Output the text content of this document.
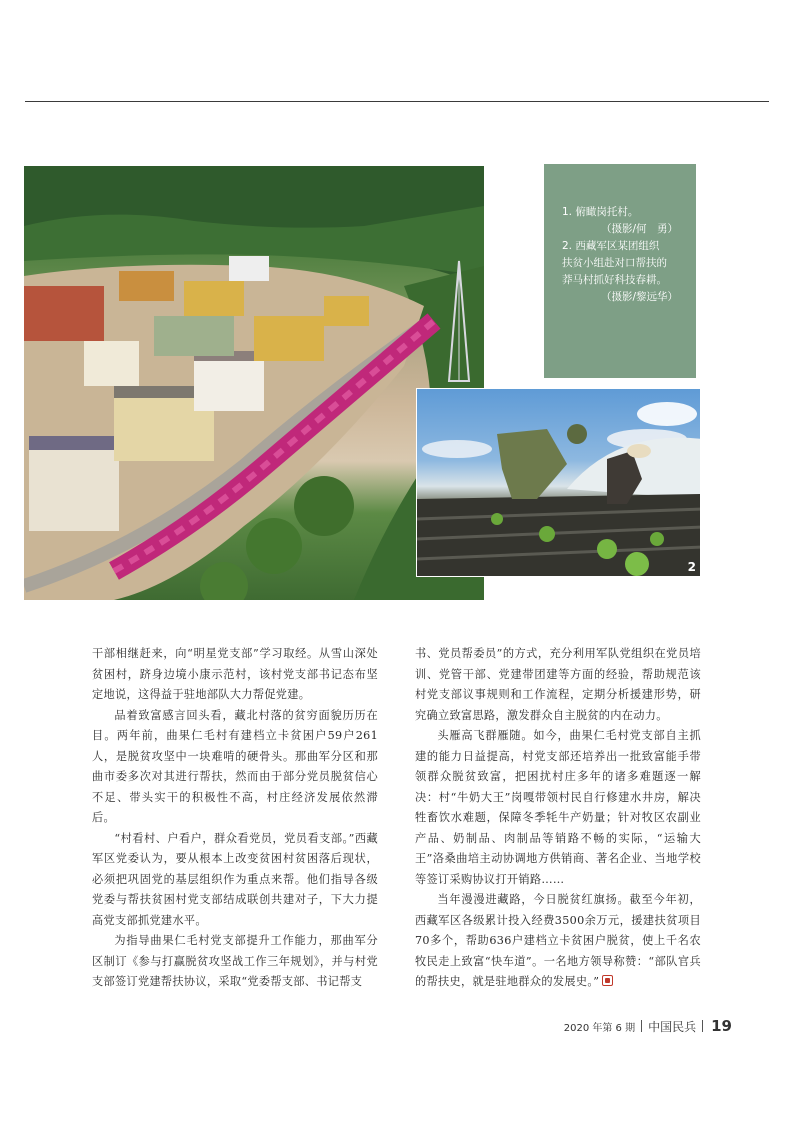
1. 俯瞰岗托村。

（摄影/何　勇）

2. 西藏军区某团组织

扶贫小组赴对口帮扶的

莽马村抓好科技春耕。

（摄影/黎远华）

2

干部相继赶来，向“明星党支部”学习取经。从雪山深处贫困村，跻身边境小康示范村，该村党支部书记态布坚定地说，这得益于驻地部队大力帮促党建。

品着致富感言回头看，藏北村落的贫穷面貌历历在目。两年前，曲果仁毛村有建档立卡贫困户59户261人，是脱贫攻坚中一块难啃的硬骨头。那曲军分区和那曲市委多次对其进行帮扶，然而由于部分党员脱贫信心不足、带头实干的积极性不高，村庄经济发展依然滞后。

“村看村、户看户，群众看党员，党员看支部。”西藏军区党委认为，要从根本上改变贫困村贫困落后现状，必须把巩固党的基层组织作为重点来帮。他们指导各级党委与帮扶贫困村党支部结成联创共建对子，下大力提高党支部抓党建水平。

为指导曲果仁毛村党支部提升工作能力，那曲军分区制订《参与打赢脱贫攻坚战工作三年规划》，并与村党支部签订党建帮扶协议，采取“党委帮支部、书记帮支

书、党员帮委员”的方式，充分利用军队党组织在党员培训、党管干部、党建带团建等方面的经验，帮助规范该村党支部议事规则和工作流程，定期分析援建形势，研究确立致富思路，激发群众自主脱贫的内在动力。

头雁高飞群雁随。如今，曲果仁毛村党支部自主抓建的能力日益提高，村党支部还培养出一批致富能手带领群众脱贫致富，把困扰村庄多年的诸多难题逐一解决：村“牛奶大王”岗嘎带领村民自行修建水井房，解决牲畜饮水难题，保障冬季牦牛产奶量；针对牧区农副业产品、奶制品、肉制品等销路不畅的实际，“运输大王”洛桑曲培主动协调地方供销商、著名企业、当地学校等签订采购协议打开销路……

当年漫漫进藏路，今日脱贫红旗扬。截至今年初，西藏军区各级累计投入经费3500余万元，援建扶贫项目70多个，帮助636户建档立卡贫困户脱贫，使上千名农牧民走上致富“快车道”。一名地方领导称赞：“部队官兵的帮扶史，就是驻地群众的发展史。”

2020 年第 6 期 中国民兵 19
